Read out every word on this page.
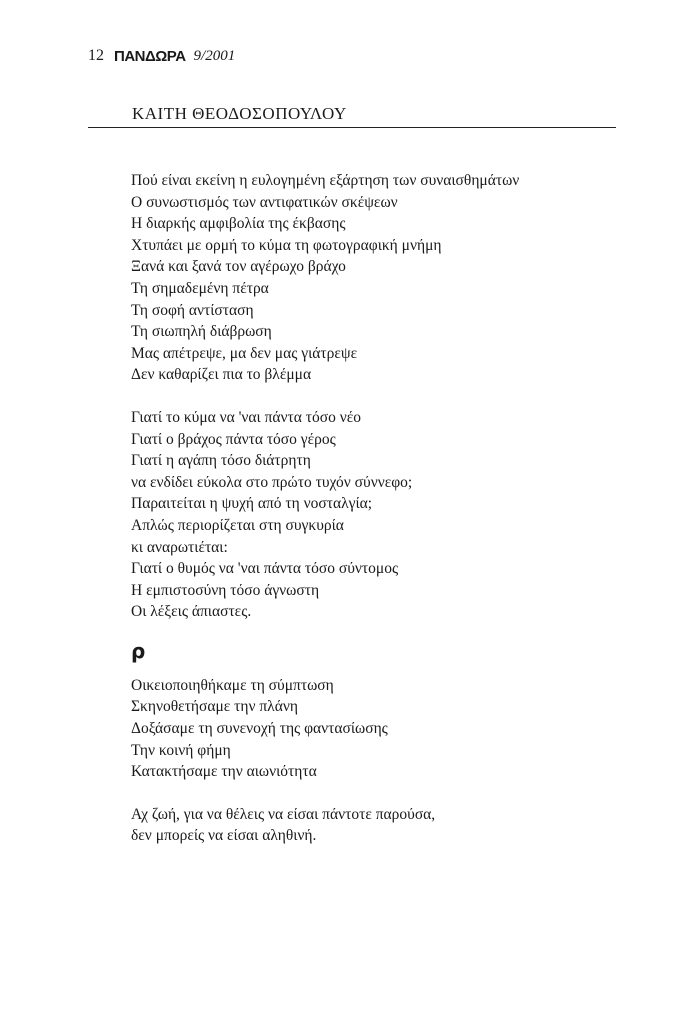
12 ΠΑΝΔΩΡΑ 9/2001
ΚΑΙΤΗ ΘΕΟΔΟΣΟΠΟΥΛΟΥ
Πού είναι εκείνη η ευλογημένη εξάρτηση των συναισθημάτων
Ο συνωστισμός των αντιφατικών σκέψεων
Η διαρκής αμφιβολία της έκβασης
Χτυπάει με ορμή το κύμα τη φωτογραφική μνήμη
Ξανά και ξανά τον αγέρωχο βράχο
Τη σημαδεμένη πέτρα
Τη σοφή αντίσταση
Τη σιωπηλή διάβρωση
Μας απέτρεψε, μα δεν μας γιάτρεψε
Δεν καθαρίζει πια το βλέμμα
Γιατί το κύμα να 'ναι πάντα τόσο νέο
Γιατί ο βράχος πάντα τόσο γέρος
Γιατί η αγάπη τόσο διάτρητη
να ενδίδει εύκολα στο πρώτο τυχόν σύννεφο;
Παραιτείται η ψυχή από τη νοσταλγία;
Απλώς περιορίζεται στη συγκυρία
κι αναρωτιέται:
Γιατί ο θυμός να 'ναι πάντα τόσο σύντομος
Η εμπιστοσύνη τόσο άγνωστη
Οι λέξεις άπιαστες.
ρ
Οικειοποιηθήκαμε τη σύμπτωση
Σκηνοθετήσαμε την πλάνη
Δοξάσαμε τη συνενοχή της φαντασίωσης
Την κοινή φήμη
Κατακτήσαμε την αιωνιότητα
Αχ ζωή, για να θέλεις να είσαι πάντοτε παρούσα,
δεν μπορείς να είσαι αληθινή.
